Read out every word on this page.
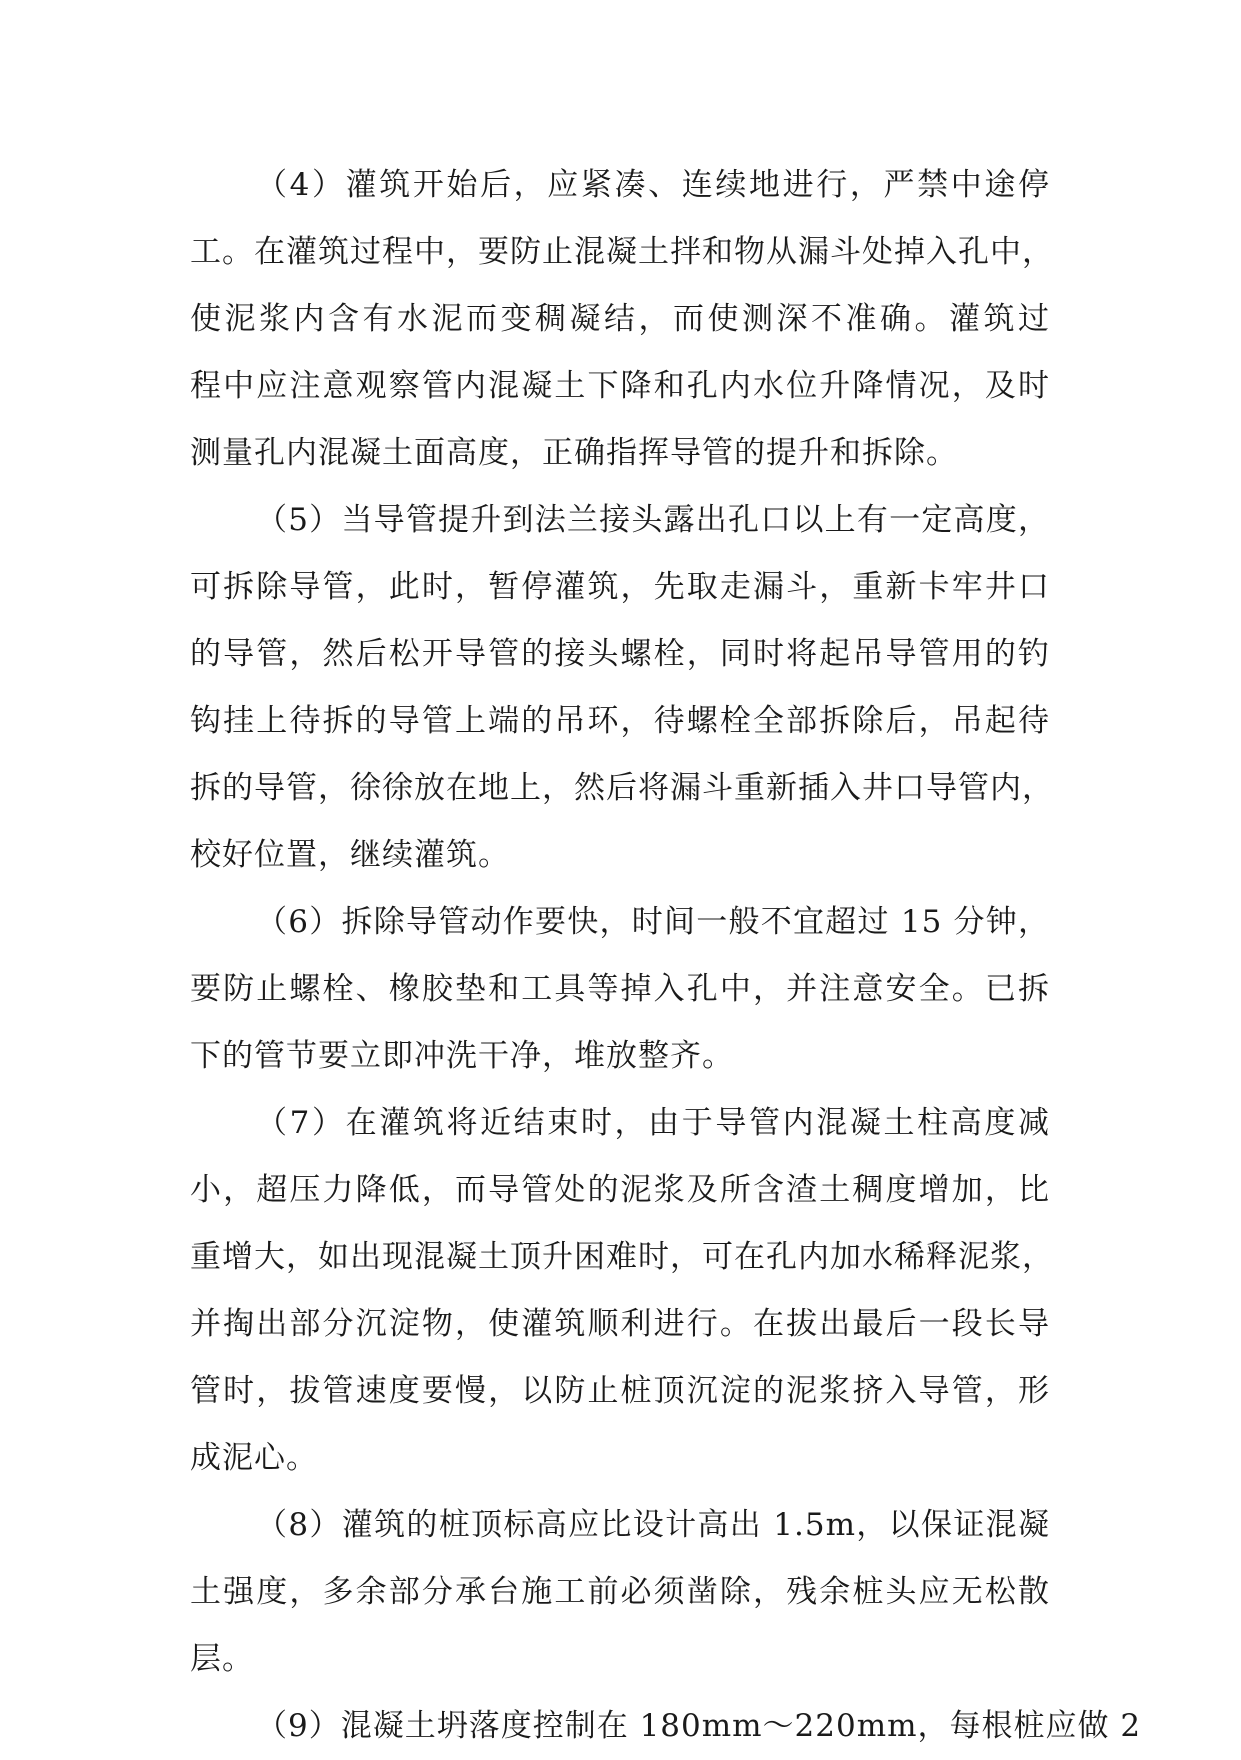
（4）灌筑开始后，应紧凑、连续地进行，严禁中途停
工。在灌筑过程中，要防止混凝土拌和物从漏斗处掉入孔中，
使泥浆内含有水泥而变稠凝结，而使测深不准确。灌筑过
程中应注意观察管内混凝土下降和孔内水位升降情况，及时
测量孔内混凝土面高度，正确指挥导管的提升和拆除。
（5）当导管提升到法兰接头露出孔口以上有一定高度，
可拆除导管，此时，暂停灌筑，先取走漏斗，重新卡牢井口
的导管，然后松开导管的接头螺栓，同时将起吊导管用的钓
钩挂上待拆的导管上端的吊环，待螺栓全部拆除后，吊起待
拆的导管，徐徐放在地上，然后将漏斗重新插入井口导管内，
校好位置，继续灌筑。
（6）拆除导管动作要快，时间一般不宜超过 15 分钟，
要防止螺栓、橡胶垫和工具等掉入孔中，并注意安全。已拆
下的管节要立即冲洗干净，堆放整齐。
（7）在灌筑将近结束时，由于导管内混凝土柱高度减
小，超压力降低，而导管处的泥浆及所含渣土稠度增加，比
重增大，如出现混凝土顶升困难时，可在孔内加水稀释泥浆，
并掏出部分沉淀物，使灌筑顺利进行。在拔出最后一段长导
管时，拔管速度要慢，以防止桩顶沉淀的泥浆挤入导管，形
成泥心。
（8）灌筑的桩顶标高应比设计高出 1.5m，以保证混凝
土强度，多余部分承台施工前必须凿除，残余桩头应无松散
层。
（9）混凝土坍落度控制在 180mm～220mm，每根桩应做 2
